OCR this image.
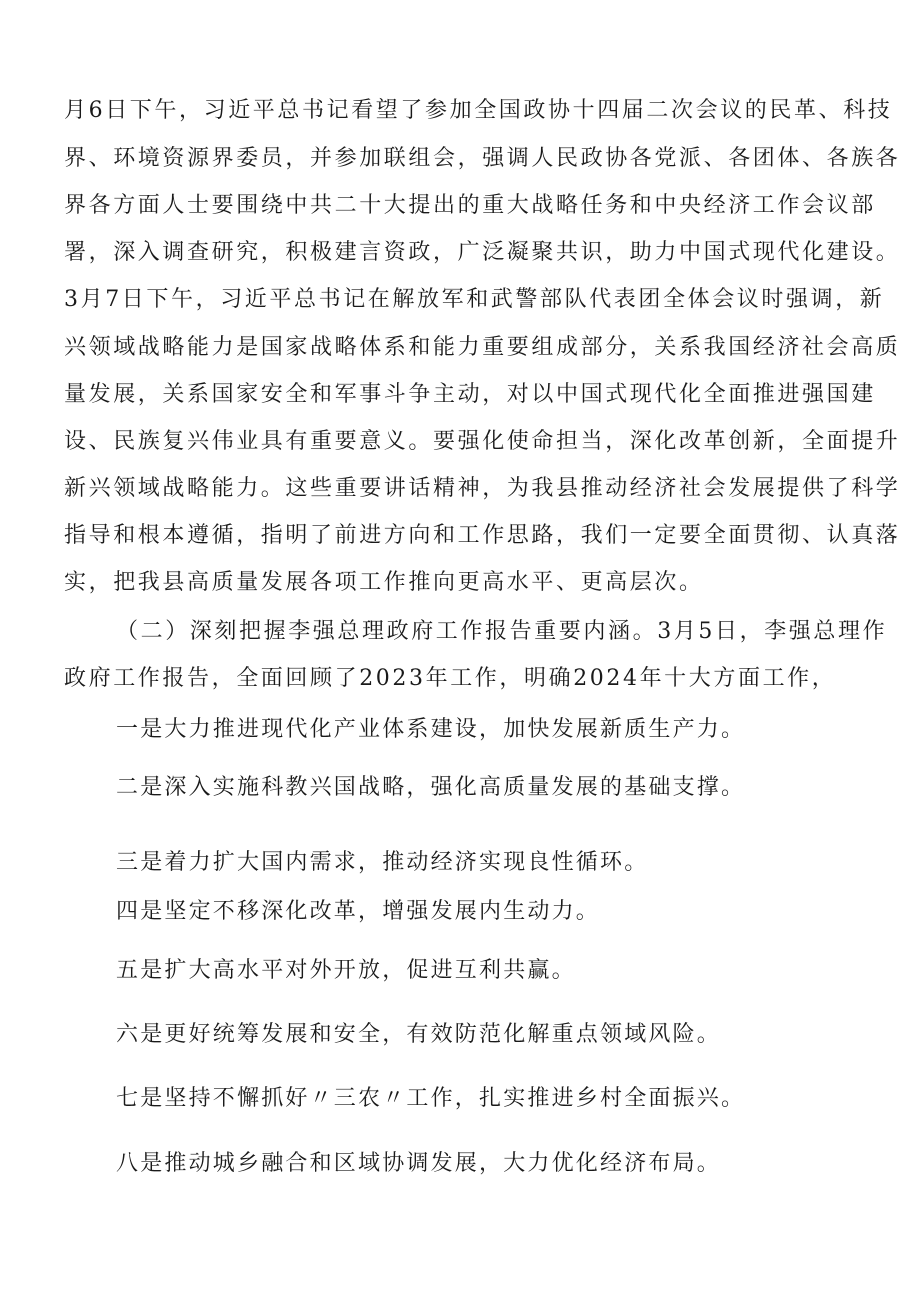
月6日下午，习近平总书记看望了参加全国政协十四届二次会议的民革、科技
界、环境资源界委员，并参加联组会，强调人民政协各党派、各团体、各族各
界各方面人士要围绕中共二十大提出的重大战略任务和中央经济工作会议部
署，深入调查研究，积极建言资政，广泛凝聚共识，助力中国式现代化建设。
3月7日下午，习近平总书记在解放军和武警部队代表团全体会议时强调，新
兴领域战略能力是国家战略体系和能力重要组成部分，关系我国经济社会高质
量发展，关系国家安全和军事斗争主动，对以中国式现代化全面推进强国建
设、民族复兴伟业具有重要意义。要强化使命担当，深化改革创新，全面提升
新兴领域战略能力。这些重要讲话精神，为我县推动经济社会发展提供了科学
指导和根本遵循，指明了前进方向和工作思路，我们一定要全面贯彻、认真落
实，把我县高质量发展各项工作推向更高水平、更高层次。
（二）深刻把握李强总理政府工作报告重要内涵。3月5日，李强总理作
政府工作报告，全面回顾了2023年工作，明确2024年十大方面工作，
一是大力推进现代化产业体系建设，加快发展新质生产力。
二是深入实施科教兴国战略，强化高质量发展的基础支撑。
三是着力扩大国内需求，推动经济实现良性循环。
四是坚定不移深化改革，增强发展内生动力。
五是扩大高水平对外开放，促进互利共赢。
六是更好统筹发展和安全，有效防范化解重点领域风险。
七是坚持不懈抓好〃三农〃工作，扎实推进乡村全面振兴。
八是推动城乡融合和区域协调发展，大力优化经济布局。
